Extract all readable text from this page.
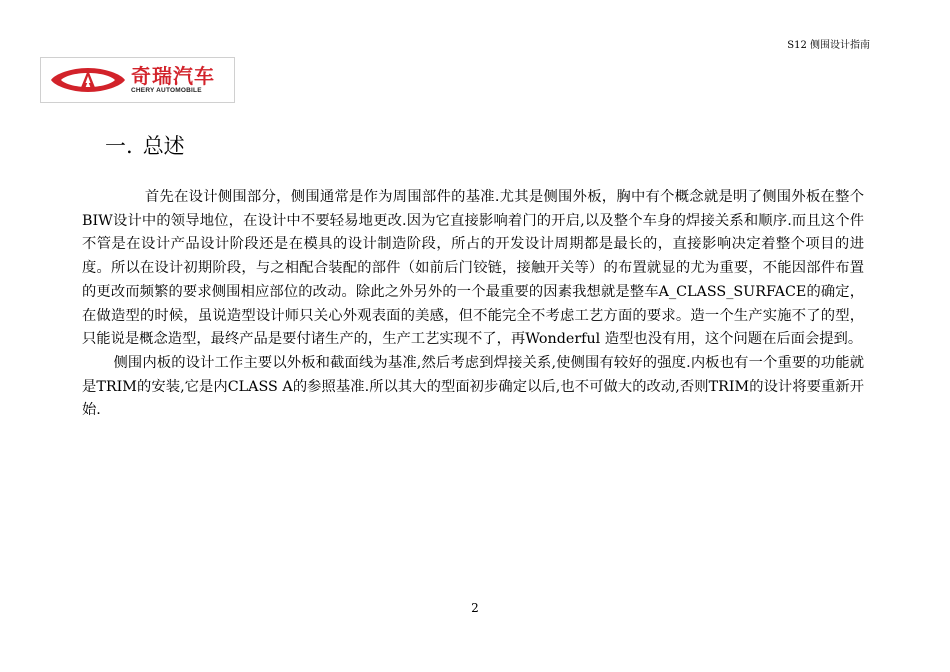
S12 侧围设计指南
奇瑞汽车
CHERY AUTOMOBILE
一. 总述

首先在设计侧围部分，侧围通常是作为周围部件的基准.尤其是侧围外板，胸中有个概念就是明了侧围外板在整个BIW设计中的领导地位，在设计中不要轻易地更改.因为它直接影响着门的开启,以及整个车身的焊接关系和顺序.而且这个件不管是在设计产品设计阶段还是在模具的设计制造阶段，所占的开发设计周期都是最长的，直接影响决定着整个项目的进度。所以在设计初期阶段，与之相配合装配的部件（如前后门铰链，接触开关等）的布置就显的尤为重要，不能因部件布置的更改而频繁的要求侧围相应部位的改动。除此之外另外的一个最重要的因素我想就是整车A_CLASS_SURFACE的确定，在做造型的时候，虽说造型设计师只关心外观表面的美感，但不能完全不考虑工艺方面的要求。造一个生产实施不了的型，只能说是概念造型，最终产品是要付诸生产的，生产工艺实现不了，再Wonderful 造型也没有用，这个问题在后面会提到。

侧围内板的设计工作主要以外板和截面线为基准,然后考虑到焊接关系,使侧围有较好的强度.内板也有一个重要的功能就是TRIM的安装,它是内CLASS A的参照基准.所以其大的型面初步确定以后,也不可做大的改动,否则TRIM的设计将要重新开始.

2
